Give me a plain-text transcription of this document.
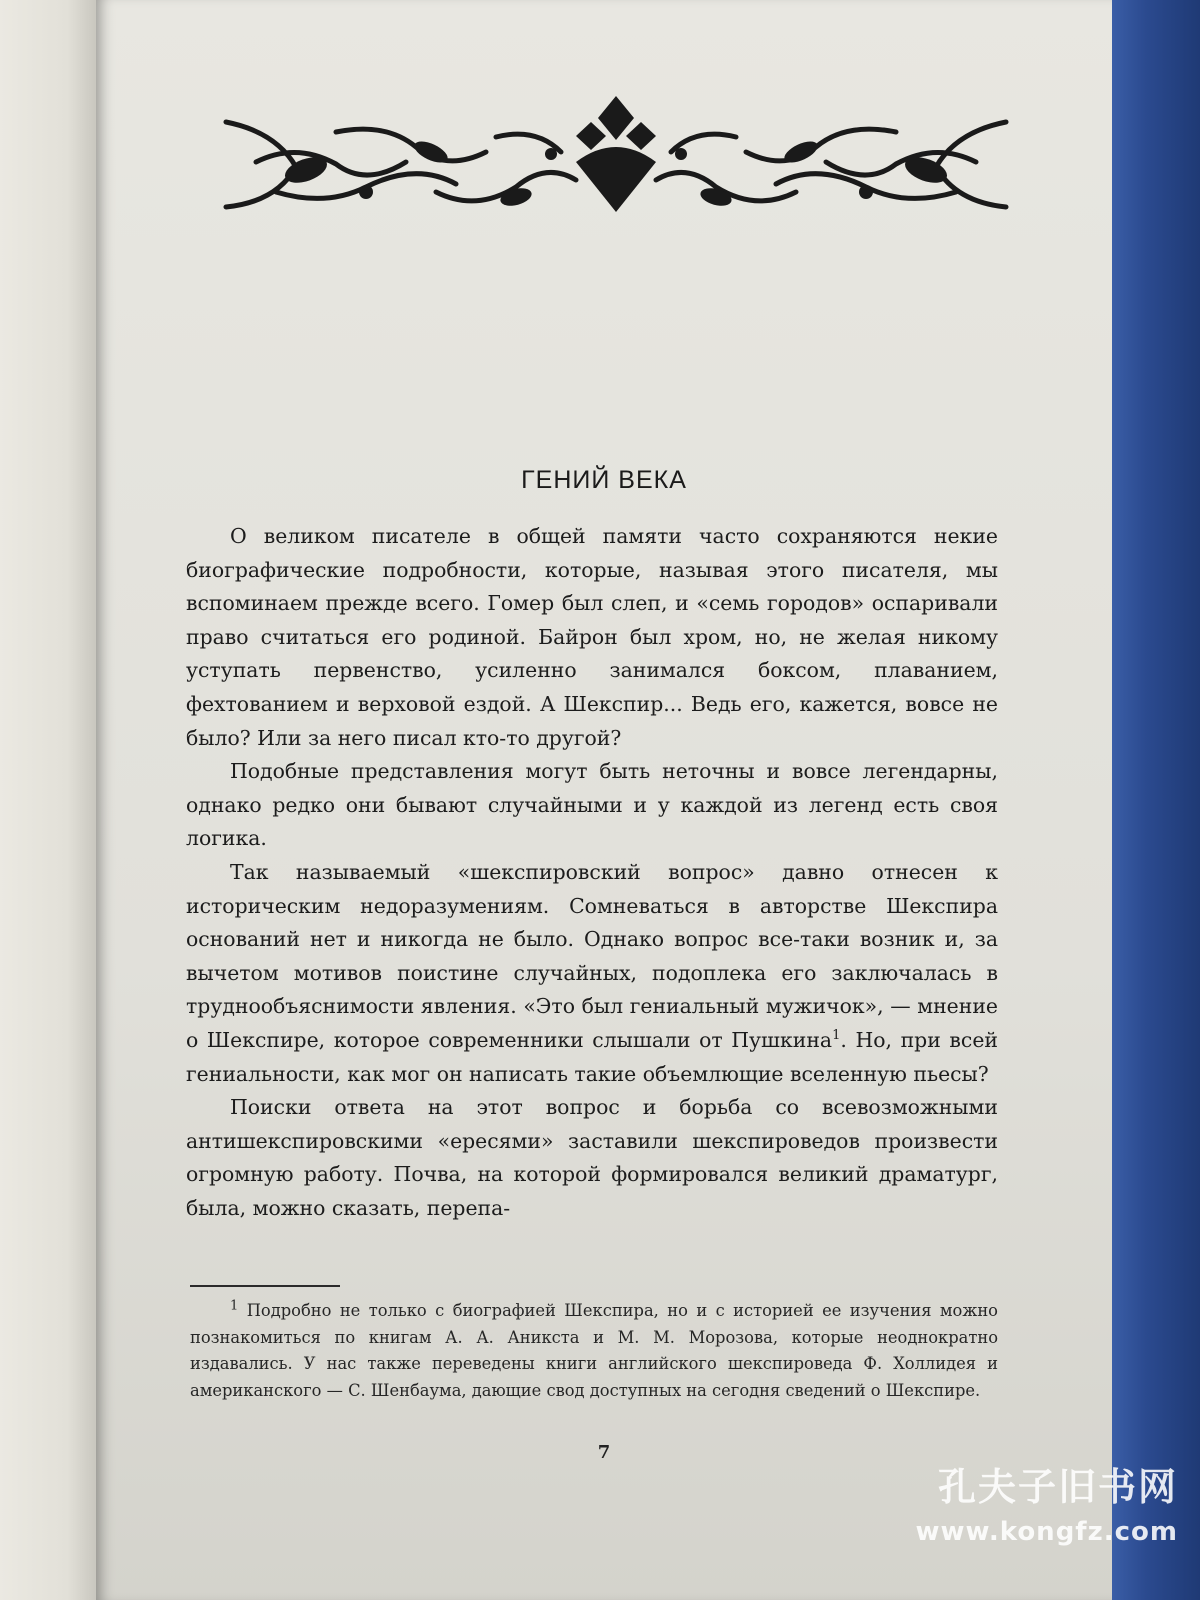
ГЕНИЙ ВЕКА

О великом писателе в общей памяти часто сохраняются некие биографические подробности, которые, называя этого писателя, мы вспоминаем прежде всего. Гомер был слеп, и «семь городов» оспаривали право считаться его родиной. Байрон был хром, но, не желая никому уступать первенство, усиленно занимался боксом, плаванием, фехтованием и верховой ездой. А Шекспир... Ведь его, кажется, вовсе не было? Или за него писал кто-то другой?

Подобные представления могут быть неточны и вовсе легендарны, однако редко они бывают случайными и у каждой из легенд есть своя логика.

Так называемый «шекспировский вопрос» давно отнесен к историческим недоразумениям. Сомневаться в авторстве Шекспира оснований нет и никогда не было. Однако вопрос все-таки возник и, за вычетом мотивов поистине случайных, подоплека его заключалась в труднообъяснимости явления. «Это был гениальный мужичок», — мнение о Шекспире, которое современники слышали от Пушкина$^1$. Но, при всей гениальности, как мог он написать такие объемлющие вселенную пьесы?

Поиски ответа на этот вопрос и борьба со всевозможными антишекспировскими «ересями» заставили шекспироведов произвести огромную работу. Почва, на которой формировался великий драматург, была, можно сказать, перепа-

$^1$ Подробно не только с биографией Шекспира, но и с историей ее изучения можно познакомиться по книгам А. А. Аникста и М. М. Морозова, которые неоднократно издавались. У нас также переведены книги английского шекспироведа Ф. Холлидея и американского — С. Шенбаума, дающие свод доступных на сегодня сведений о Шекспире.

7
孔夫子旧书网
www.kongfz.com
